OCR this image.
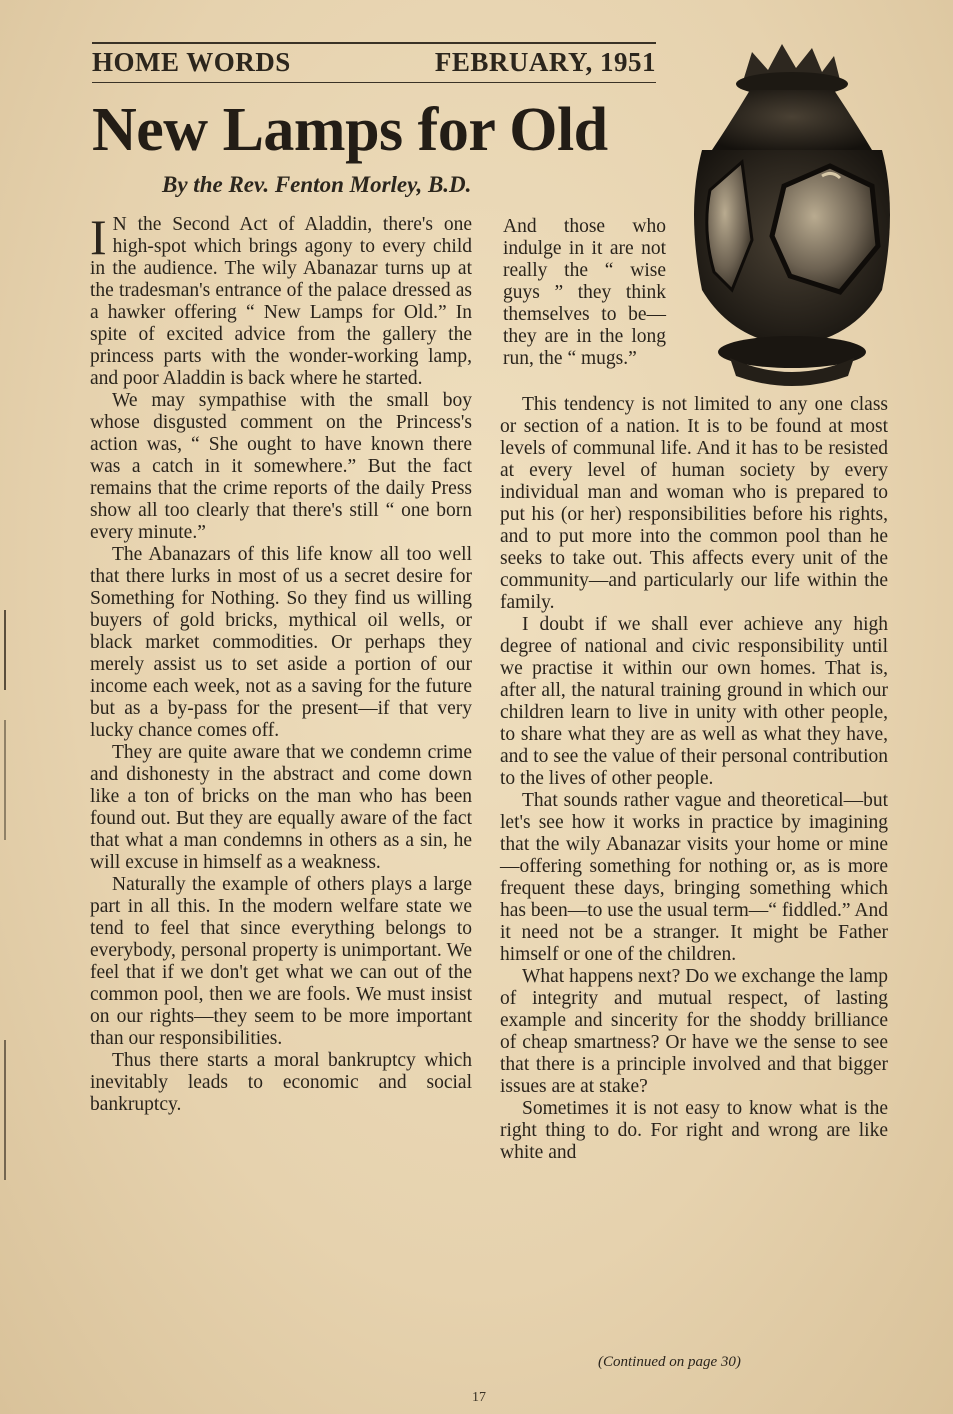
HOME WORDS	FEBRUARY, 1951
New Lamps for Old
By the Rev. Fenton Morley, B.D.

I N the Second Act of Aladdin, there's one high-spot which brings agony to every child in the audience. The wily Abanazar turns up at the tradesman's entrance of the palace dressed as a hawker offering “ New Lamps for Old.” In spite of excited advice from the gallery the princess parts with the wonder-working lamp, and poor Aladdin is back where he started.

We may sympathise with the small boy whose disgusted comment on the Princess's action was, “ She ought to have known there was a catch in it somewhere.” But the fact remains that the crime reports of the daily Press show all too clearly that there's still “ one born every minute.”

The Abanazars of this life know all too well that there lurks in most of us a secret desire for Something for Nothing. So they find us willing buyers of gold bricks, mythical oil wells, or black market commodities. Or perhaps they merely assist us to set aside a portion of our income each week, not as a saving for the future but as a by-pass for the present—if that very lucky chance comes off.

They are quite aware that we condemn crime and dishonesty in the abstract and come down like a ton of bricks on the man who has been found out. But they are equally aware of the fact that what a man condemns in others as a sin, he will excuse in himself as a weakness.

Naturally the example of others plays a large part in all this. In the modern welfare state we tend to feel that since everything belongs to everybody, personal property is unimportant. We feel that if we don't get what we can out of the common pool, then we are fools. We must insist on our rights—they seem to be more important than our responsibilities.

Thus there starts a moral bankruptcy which inevitably leads to economic and social bankruptcy.

And those who indulge in it are not really the “ wise guys ” they think themselves to be—they are in the long run, the “ mugs.”

This tendency is not limited to any one class or section of a nation. It is to be found at most levels of communal life. And it has to be resisted at every level of human society by every individual man and woman who is prepared to put his (or her) responsibilities before his rights, and to put more into the common pool than he seeks to take out. This affects every unit of the community—and particularly our life within the family.

I doubt if we shall ever achieve any high degree of national and civic responsibility until we practise it within our own homes. That is, after all, the natural training ground in which our children learn to live in unity with other people, to share what they are as well as what they have, and to see the value of their personal contribution to the lives of other people.

That sounds rather vague and theoretical—but let's see how it works in practice by imagining that the wily Abanazar visits your home or mine—offering something for nothing or, as is more frequent these days, bringing something which has been—to use the usual term—“ fiddled.” And it need not be a stranger. It might be Father himself or one of the children.

What happens next? Do we exchange the lamp of integrity and mutual respect, of lasting example and sincerity for the shoddy brilliance of cheap smartness? Or have we the sense to see that there is a principle involved and that bigger issues are at stake?

Sometimes it is not easy to know what is the right thing to do. For right and wrong are like white and

(Continued on page 30)
17
